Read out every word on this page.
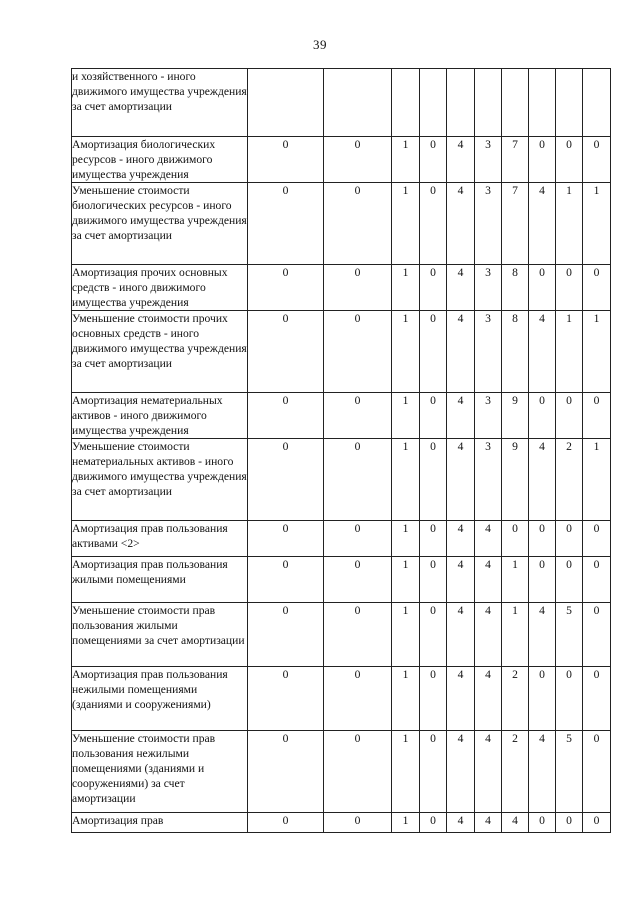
39
и хозяйственного - иного движимого имущества учреждения за счет амортизации										
Амортизация биологических ресурсов - иного движимого имущества учреждения	0	0	1	0	4	3	7	0	0	0
Уменьшение стоимости биологических ресурсов - иного движимого имущества учреждения за счет амортизации	0	0	1	0	4	3	7	4	1	1
Амортизация прочих основных средств - иного движимого имущества учреждения	0	0	1	0	4	3	8	0	0	0
Уменьшение стоимости прочих основных средств - иного движимого имущества учреждения за счет амортизации	0	0	1	0	4	3	8	4	1	1
Амортизация нематериальных активов - иного движимого имущества учреждения	0	0	1	0	4	3	9	0	0	0
Уменьшение стоимости нематериальных активов - иного движимого имущества учреждения за счет амортизации	0	0	1	0	4	3	9	4	2	1
Амортизация прав пользования активами <2>	0	0	1	0	4	4	0	0	0	0
Амортизация прав пользования жилыми помещениями	0	0	1	0	4	4	1	0	0	0
Уменьшение стоимости прав пользования жилыми помещениями за счет амортизации	0	0	1	0	4	4	1	4	5	0
Амортизация прав пользования нежилыми помещениями (зданиями и сооружениями)	0	0	1	0	4	4	2	0	0	0
Уменьшение стоимости прав пользования нежилыми помещениями (зданиями и сооружениями) за счет амортизации	0	0	1	0	4	4	2	4	5	0
Амортизация прав	0	0	1	0	4	4	4	0	0	0
